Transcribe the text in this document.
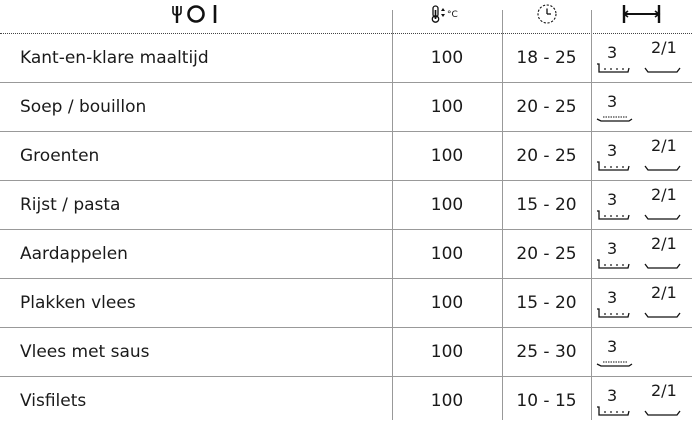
°C
Kant-en-klare maaltijd	100	18 - 25	3 2/1
Soep / bouillon	100	20 - 25	3
Groenten	100	20 - 25	3 2/1
Rijst / pasta	100	15 - 20	3 2/1
Aardappelen	100	20 - 25	3 2/1
Plakken vlees	100	15 - 20	3 2/1
Vlees met saus	100	25 - 30	3
Visfilets	100	10 - 15	3 2/1
